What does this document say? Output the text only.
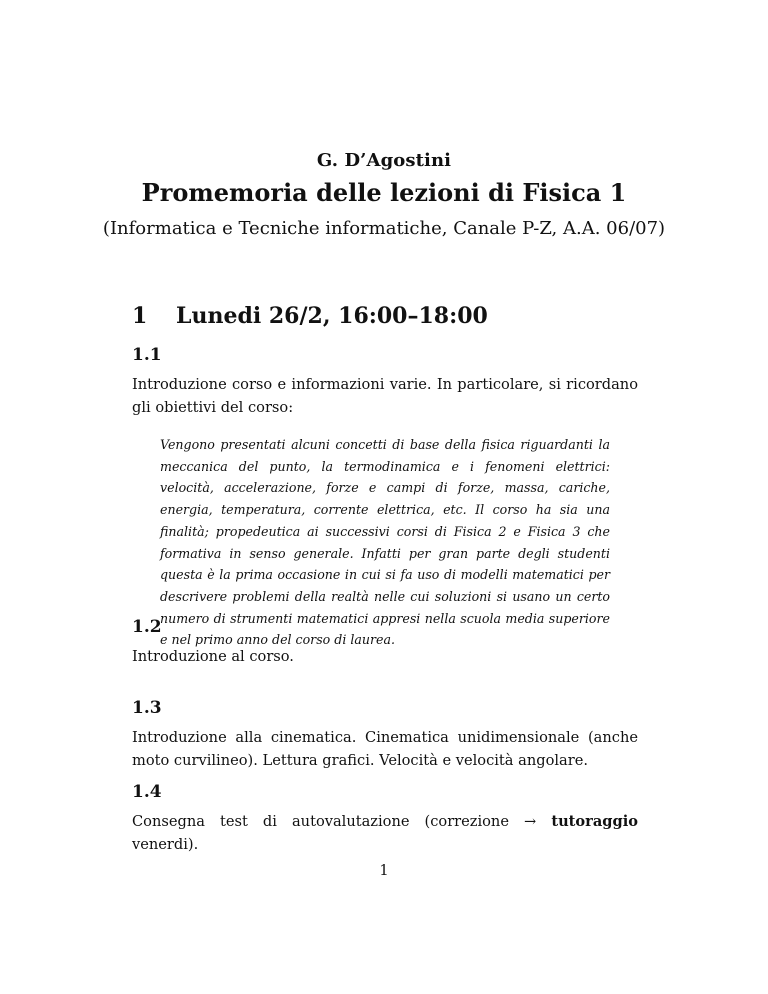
G. D’Agostini
Promemoria delle lezioni di Fisica 1
(Informatica e Tecniche informatiche, Canale P-Z, A.A. 06/07)
1	Lunedi 26/2, 16:00–18:00
1.1
Introduzione corso e informazioni varie. In particolare, si ricordano gli obiettivi del corso:
Vengono presentati alcuni concetti di base della fisica riguardanti la meccanica del punto, la termodinamica e i fenomeni elettrici: velocità, accelerazione, forze e campi di forze, massa, cariche, energia, temperatura, corrente elettrica, etc. Il corso ha sia una finalità; propedeutica ai successivi corsi di Fisica 2 e Fisica 3 che formativa in senso generale. Infatti per gran parte degli studenti questa è la prima occasione in cui si fa uso di modelli matematici per descrivere problemi della realtà nelle cui soluzioni si usano un certo numero di strumenti matematici appresi nella scuola media superiore e nel primo anno del corso di laurea.
1.2
Introduzione al corso.
1.3
Introduzione alla cinematica. Cinematica unidimensionale (anche moto curvilineo). Lettura grafici. Velocità e velocità angolare.
1.4
Consegna test di autovalutazione (correzione → tutoraggio venerdi).
1
